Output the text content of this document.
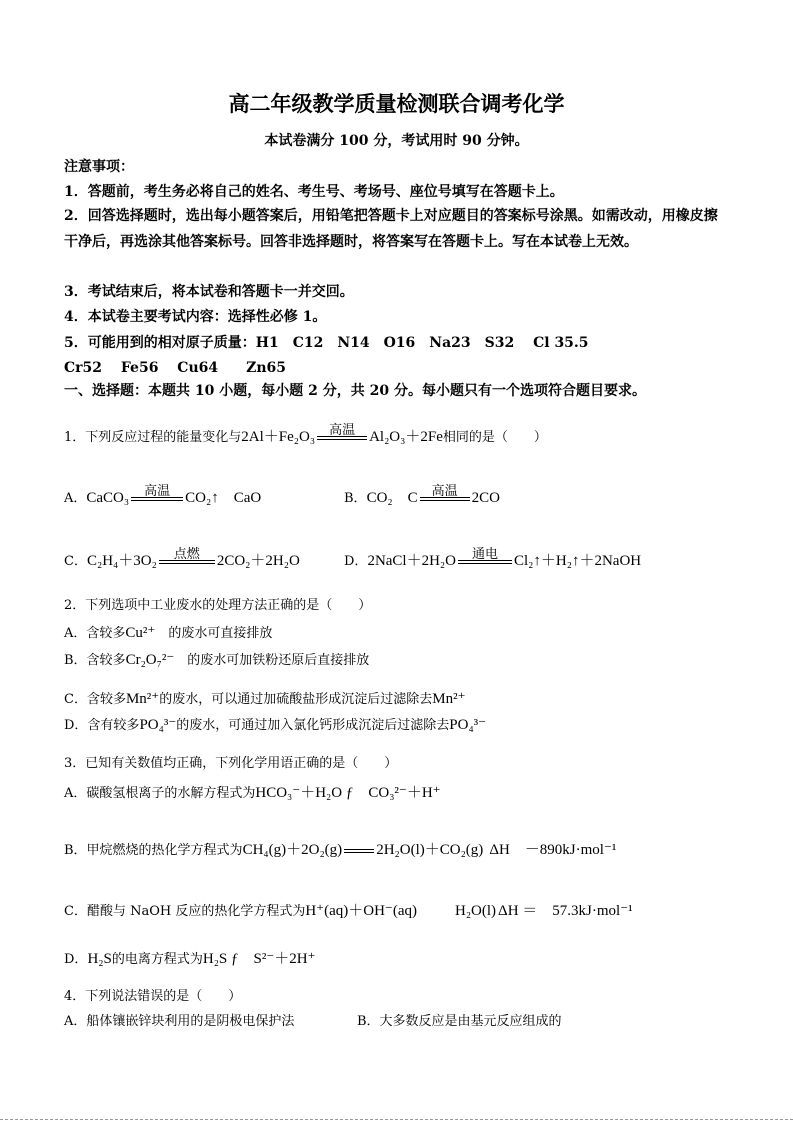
高二年级教学质量检测联合调考化学
本试卷满分 100 分，考试用时 90 分钟。
注意事项：
1．答题前，考生务必将自己的姓名、考生号、考场号、座位号填写在答题卡上。
2．回答选择题时，选出每小题答案后，用铅笔把答题卡上对应题目的答案标号涂黑。如需改动，用橡皮擦干净后，再选涂其他答案标号。回答非选择题时，将答案写在答题卡上。写在本试卷上无效。
3．考试结束后，将本试卷和答题卡一并交回。
4．本试卷主要考试内容：选择性必修 1。
5．可能用到的相对原子质量：H1　C12　N14　O16　Na23　S32　 Cl 35.5
Cr52　 Fe56　 Cu64　　Zn65
一、选择题：本题共 10 小题，每小题 2 分，共 20 分。每小题只有一个选项符合题目要求。
1．下列反应过程的能量变化与2Al＋Fe₂O₃	高温 Al₂O₃＋2Fe相同的是（　　）
A．CaCO₃	高温	CO₂↑　CaO	B．CO₂　C	高温 2CO
C．C₂H₄＋3O₂	点燃	2CO₂＋2H₂O	D．2NaCl＋2H₂O	通电	Cl₂↑＋H₂↑＋2NaOH
2．下列选项中工业废水的处理方法正确的是（　　）
A．含较多Cu²⁺　 的废水可直接排放
B．含较多Cr₂O₇²⁻　 的废水可加铁粉还原后直接排放
C．含较多Mn²⁺的废水，可以通过加硫酸盐形成沉淀后过滤除去Mn²⁺
D．含有较多PO₄³⁻的废水，可通过加入氯化钙形成沉淀后过滤除去PO₄³⁻
3．已知有关数值均正确，下列化学用语正确的是（　　）
A．碳酸氢根离子的水解方程式为HCO₃⁻＋H₂O ƒ　CO₃²⁻＋H⁺
B．甲烷燃烧的热化学方程式为CH₄(g)＋2O₂(g) 2H₂O(l)＋CO₂(g) ΔH　－890kJ·mol⁻¹
C．醋酸与 NaOH 反应的热化学方程式为H⁺(aq)＋OH⁻(aq)	H₂O(l) ΔH ＝　57.3kJ·mol⁻¹
D．H₂S的电离方程式为H₂S ƒ　S²⁻＋2H⁺
4．下列说法错误的是（　　）
A．船体镶嵌锌块利用的是阴极电保护法	B．大多数反应是由基元反应组成的
